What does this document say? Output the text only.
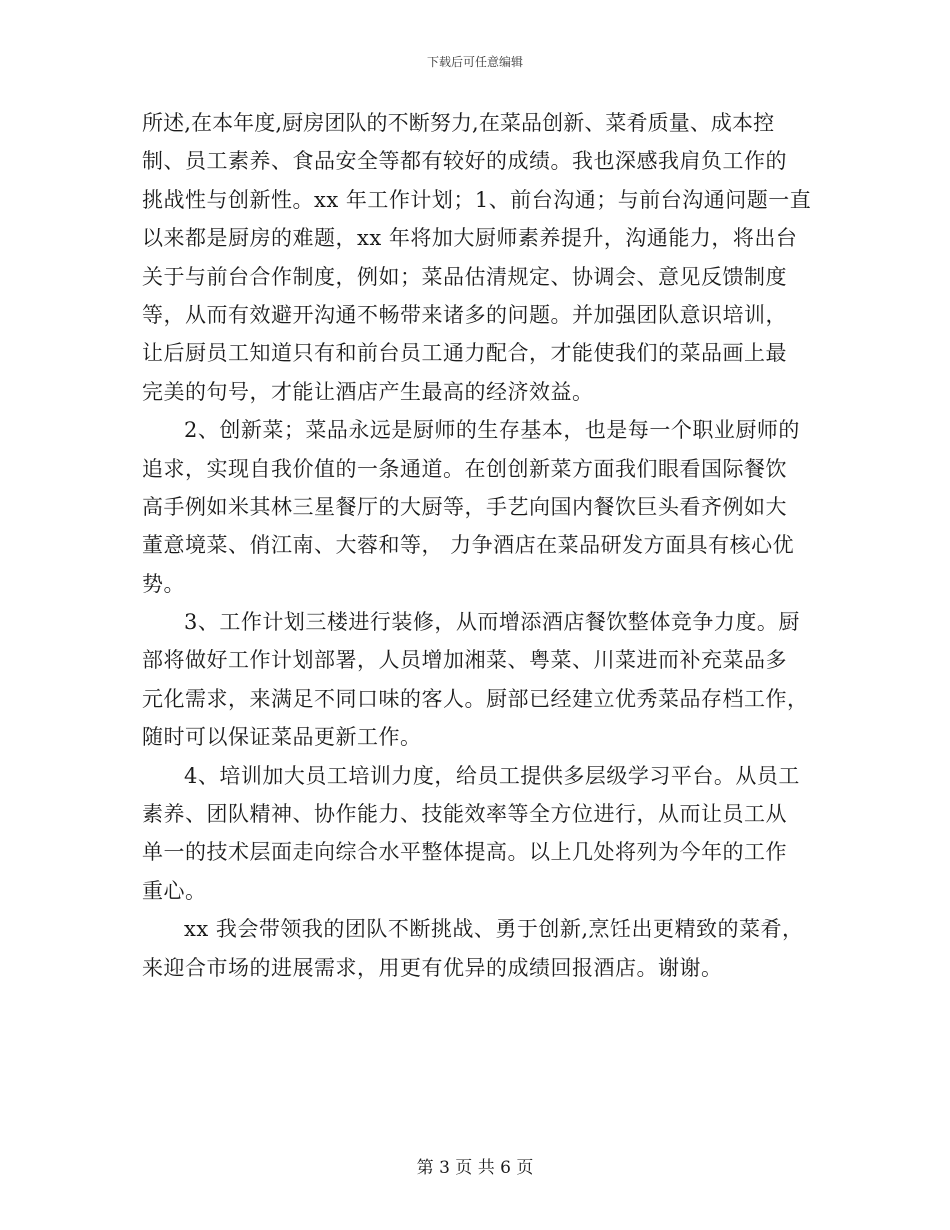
下载后可任意编辑
所述,在本年度,厨房团队的不断努力,在菜品创新、菜肴质量、成本控
制、员工素养、食品安全等都有较好的成绩。我也深感我肩负工作的
挑战性与创新性。xx 年工作计划；1、前台沟通；与前台沟通问题一直
以来都是厨房的难题，xx 年将加大厨师素养提升，沟通能力，将出台
关于与前台合作制度，例如；菜品估清规定、协调会、意见反馈制度
等，从而有效避开沟通不畅带来诸多的问题。并加强团队意识培训，
让后厨员工知道只有和前台员工通力配合，才能使我们的菜品画上最
完美的句号，才能让酒店产生最高的经济效益。
2、创新菜；菜品永远是厨师的生存基本，也是每一个职业厨师的
追求，实现自我价值的一条通道。在创创新菜方面我们眼看国际餐饮
高手例如米其林三星餐厅的大厨等，手艺向国内餐饮巨头看齐例如大
董意境菜、俏江南、大蓉和等， 力争酒店在菜品研发方面具有核心优
势。
3、工作计划三楼进行装修，从而增添酒店餐饮整体竞争力度。厨
部将做好工作计划部署，人员增加湘菜、粤菜、川菜进而补充菜品多
元化需求，来满足不同口味的客人。厨部已经建立优秀菜品存档工作，
随时可以保证菜品更新工作。
4、培训加大员工培训力度，给员工提供多层级学习平台。从员工
素养、团队精神、协作能力、技能效率等全方位进行，从而让员工从
单一的技术层面走向综合水平整体提高。以上几处将列为今年的工作
重心。
xx 我会带领我的团队不断挑战、勇于创新,烹饪出更精致的菜肴，
来迎合市场的进展需求，用更有优异的成绩回报酒店。谢谢。
第 3 页 共 6 页
